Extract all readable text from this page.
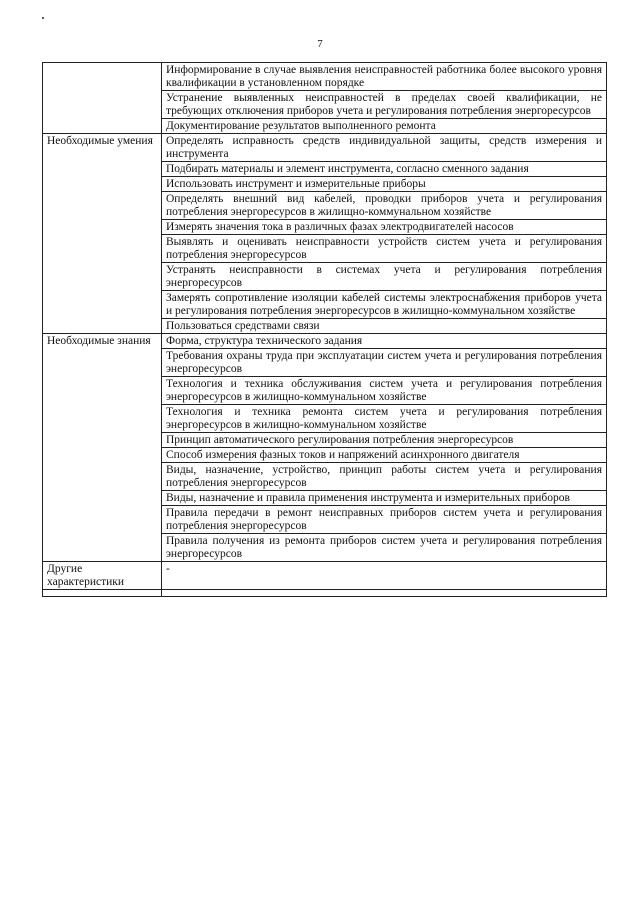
7
	Информирование в случае выявления неисправностей работника более высокого уровня квалификации в установленном порядке
	Устранение выявленных неисправностей в пределах своей квалификации, не требующих отключения приборов учета и регулирования потребления энергоресурсов
	Документирование результатов выполненного ремонта
Необходимые умения	Определять исправность средств индивидуальной защиты, средств измерения и инструмента
	Подбирать материалы и элемент инструмента, согласно сменного задания
	Использовать инструмент и измерительные приборы
	Определять внешний вид кабелей, проводки приборов учета и регулирования потребления энергоресурсов в жилищно-коммунальном хозяйстве
	Измерять значения тока в различных фазах электродвигателей насосов
	Выявлять и оценивать неисправности устройств систем учета и регулирования потребления энергоресурсов
	Устранять неисправности в системах учета и регулирования потребления энергоресурсов
	Замерять сопротивление изоляции кабелей системы электроснабжения приборов учета и регулирования потребления энергоресурсов в жилищно-коммунальном хозяйстве
	Пользоваться средствами связи
Необходимые знания	Форма, структура технического задания
	Требования охраны труда при эксплуатации систем учета и регулирования потребления энергоресурсов
	Технология и техника обслуживания систем учета и регулирования потребления энергоресурсов в жилищно-коммунальном хозяйстве
	Технология и техника ремонта систем учета и регулирования потребления энергоресурсов в жилищно-коммунальном хозяйстве
	Принцип автоматического регулирования потребления энергоресурсов
	Способ измерения фазных токов и напряжений асинхронного двигателя
	Виды, назначение, устройство, принцип работы систем учета и регулирования потребления энергоресурсов
	Виды, назначение и правила применения инструмента и измерительных приборов
	Правила передачи в ремонт неисправных приборов систем учета и регулирования потребления энергоресурсов
	Правила получения из ремонта приборов систем учета и регулирования потребления энергоресурсов
Другие характеристики	-
